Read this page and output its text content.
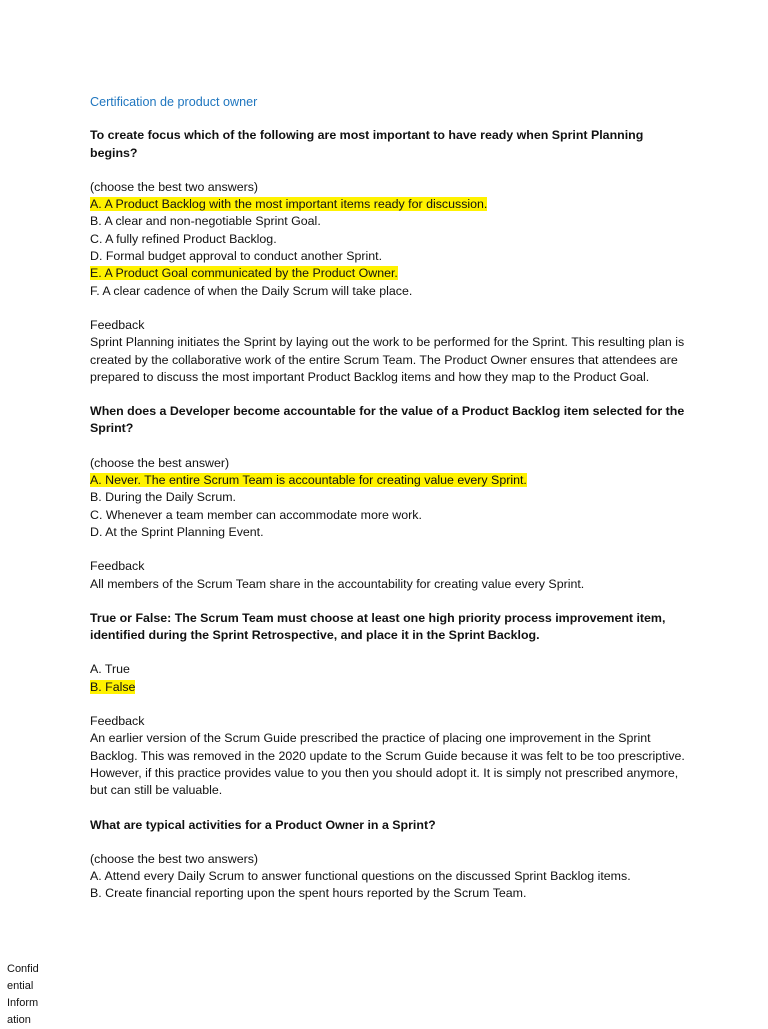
Certification de product owner

To create focus which of the following are most important to have ready when Sprint Planning begins?

(choose the best two answers)

A. A Product Backlog with the most important items ready for discussion.

B. A clear and non-negotiable Sprint Goal.

C. A fully refined Product Backlog.

D. Formal budget approval to conduct another Sprint.

E. A Product Goal communicated by the Product Owner.

F. A clear cadence of when the Daily Scrum will take place.

Feedback

Sprint Planning initiates the Sprint by laying out the work to be performed for the Sprint. This resulting plan is created by the collaborative work of the entire Scrum Team. The Product Owner ensures that attendees are prepared to discuss the most important Product Backlog items and how they map to the Product Goal.

When does a Developer become accountable for the value of a Product Backlog item selected for the Sprint?

(choose the best answer)

A. Never. The entire Scrum Team is accountable for creating value every Sprint.

B. During the Daily Scrum.

C. Whenever a team member can accommodate more work.

D. At the Sprint Planning Event.

Feedback

All members of the Scrum Team share in the accountability for creating value every Sprint.

True or False: The Scrum Team must choose at least one high priority process improvement item, identified during the Sprint Retrospective, and place it in the Sprint Backlog.

A. True

B. False

Feedback

An earlier version of the Scrum Guide prescribed the practice of placing one improvement in the Sprint Backlog. This was removed in the 2020 update to the Scrum Guide because it was felt to be too prescriptive. However, if this practice provides value to you then you should adopt it. It is simply not prescribed anymore, but can still be valuable.

What are typical activities for a Product Owner in a Sprint?

(choose the best two answers)

A. Attend every Daily Scrum to answer functional questions on the discussed Sprint Backlog items.

B. Create financial reporting upon the spent hours reported by the Scrum Team.

Confid
ential
Inform
ation
